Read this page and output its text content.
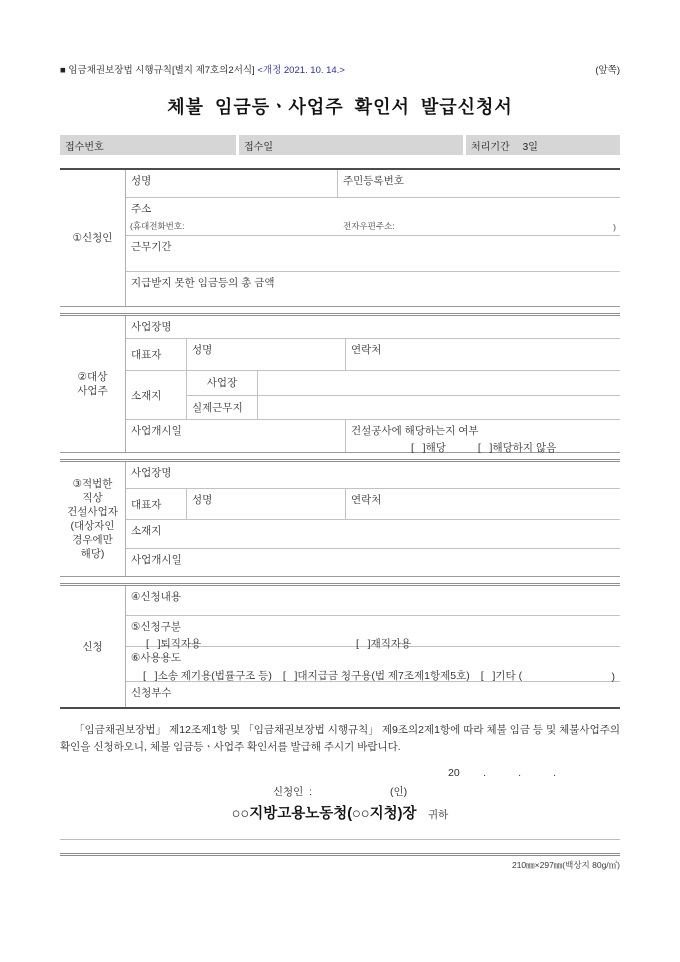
■ 임금채권보장법 시행규칙[별지 제7호의2서식] <개정 2021. 10. 14.>	(앞쪽)
체불 임금등ㆍ사업주 확인서 발급신청서
접수번호	접수일	처리기간 3일
①신청인
성명	주민등록번호
주소
(휴대전화번호:	전자우편주소:	)
근무기간
지급받지 못한 임금등의 총 금액
②대상
사업주
사업장명
대표자	성명	연락처
소재지
사업장
실제근무지
사업개시일	건설공사에 해당하는지 여부
[   ]해당	[   ]해당하지 않음
③적법한
직상
건설사업자
(대상자인
경우에만
해당)
사업장명
대표자	성명	연락처
소재지
사업개시일
신청
④신청내용
⑤신청구분
[   ]퇴직자용	[   ]재직자용
⑥사용용도
[   ]소송 제기용(법률구조 등) [   ]대지급금 청구용(법 제7조제1항제5호) [   ]기타 (	)
신청부수

「임금채권보장법」 제12조제1항 및 「임금채권보장법 시행규칙」 제9조의2제1항에 따라 체불 임금 등 및 체불사업주의 확인을 신청하오니, 체불 임금등ㆍ사업주 확인서를 발급해 주시기 바랍니다.

20        .           .           .
신청인  :	(인)
○○지방고용노동청(○○지청)장 귀하
210㎜×297㎜(백상지 80g/㎡)
